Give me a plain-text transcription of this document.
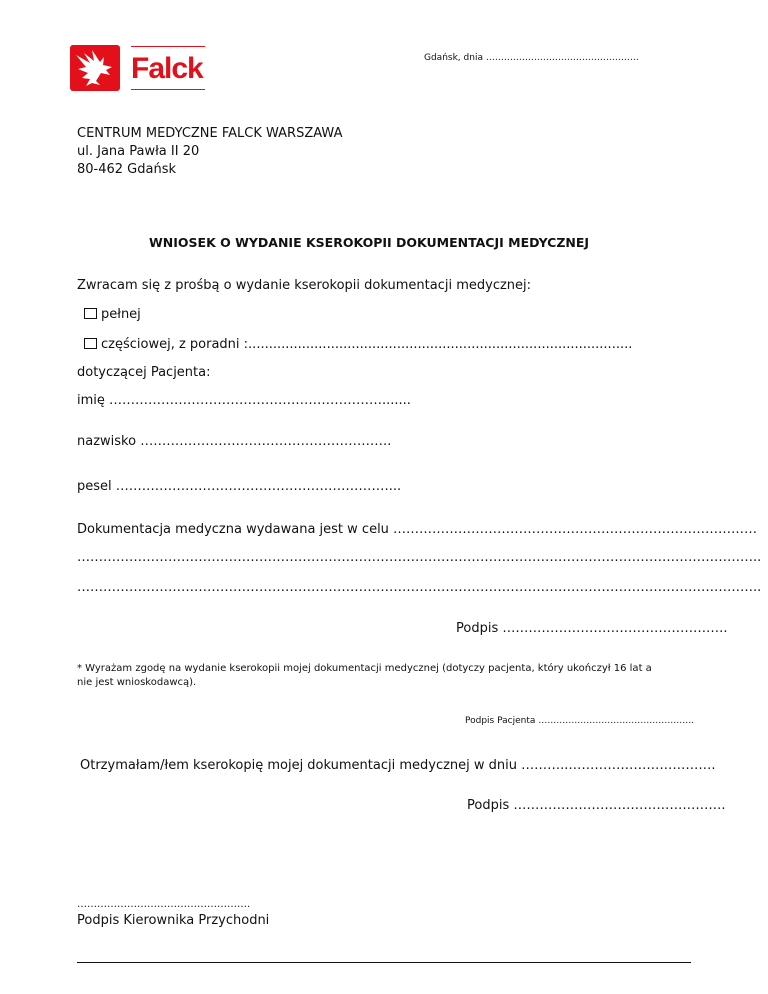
Falck	Gdańsk, dnia ……………………………………………
CENTRUM MEDYCZNE FALCK WARSZAWA
ul. Jana Pawła II 20
80-462 Gdańsk
WNIOSEK O WYDANIE KSEROKOPII DOKUMENTACJI MEDYCZNEJ
Zwracam się z prośbą o wydanie kserokopii dokumentacji medycznej:
pełnej
częściowej, z poradni :.............................................................................................
dotyczącej Pacjenta:
imię ……………………………………………………….......
nazwisko ………………………………………………….
pesel ………………………………………………………...
Dokumentacja medyczna wydawana jest w celu …………………………………………………………………………
…………………………………………………………………………………………………………………………………………..
…………………………………………………………………………………………………………………………………………..
Podpis …………………………………………….
* Wyrażam zgodę na wydanie kserokopii mojej dokumentacji medycznej (dotyczy pacjenta, który ukończył 16 lat a
nie jest wnioskodawcą).
Podpis Pacjenta …………………………………………….
Otrzymałam/łem kserokopię mojej dokumentacji medycznej w dniu ………..…………………………….
Podpis ………………………………………….
…………………………………………….
Podpis Kierownika Przychodni
